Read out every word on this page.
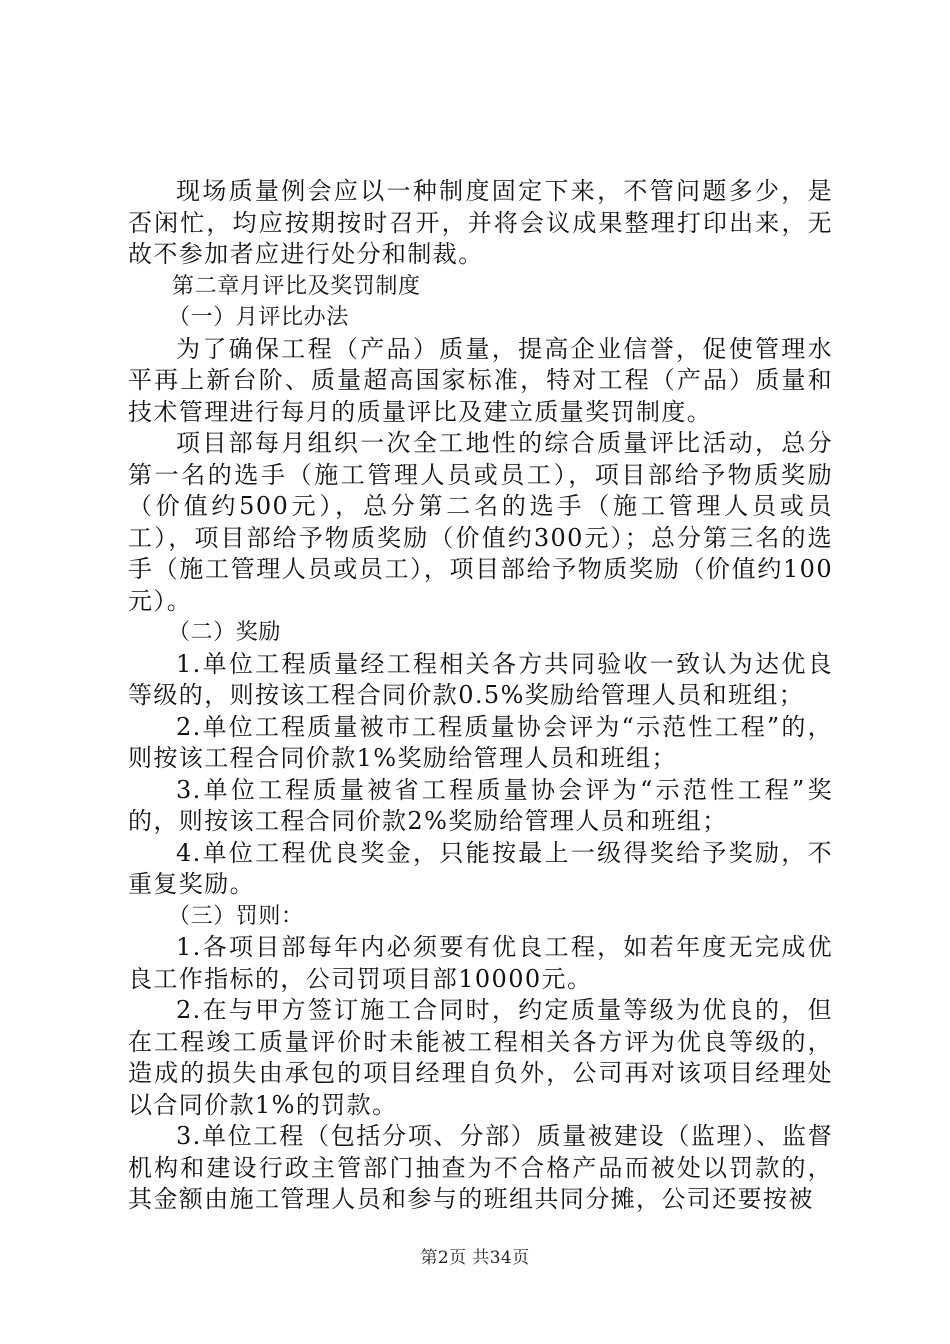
现场质量例会应以一种制度固定下来，不管问题多少，是否闲忙，均应按期按时召开，并将会议成果整理打印出来，无故不参加者应进行处分和制裁。

第二章月评比及奖罚制度

（一）月评比办法

为了确保工程（产品）质量，提高企业信誉，促使管理水平再上新台阶、质量超高国家标准，特对工程（产品）质量和技术管理进行每月的质量评比及建立质量奖罚制度。

项目部每月组织一次全工地性的综合质量评比活动，总分第一名的选手（施工管理人员或员工），项目部给予物质奖励（价值约500元），总分第二名的选手（施工管理人员或员工），项目部给予物质奖励（价值约300元）；总分第三名的选手（施工管理人员或员工），项目部给予物质奖励（价值约100元）。

（二）奖励

1.单位工程质量经工程相关各方共同验收一致认为达优良等级的，则按该工程合同价款0.5%奖励给管理人员和班组；

2.单位工程质量被市工程质量协会评为“示范性工程”的，则按该工程合同价款1%奖励给管理人员和班组；

3.单位工程质量被省工程质量协会评为“示范性工程”奖的，则按该工程合同价款2%奖励给管理人员和班组；

4.单位工程优良奖金，只能按最上一级得奖给予奖励，不重复奖励。

（三）罚则：

1.各项目部每年内必须要有优良工程，如若年度无完成优良工作指标的，公司罚项目部10000元。

2.在与甲方签订施工合同时，约定质量等级为优良的，但在工程竣工质量评价时未能被工程相关各方评为优良等级的，造成的损失由承包的项目经理自负外，公司再对该项目经理处以合同价款1%的罚款。

3.单位工程（包括分项、分部）质量被建设（监理）、监督机构和建设行政主管部门抽查为不合格产品而被处以罚款的，其金额由施工管理人员和参与的班组共同分摊，公司还要按被

第2页 共34页
